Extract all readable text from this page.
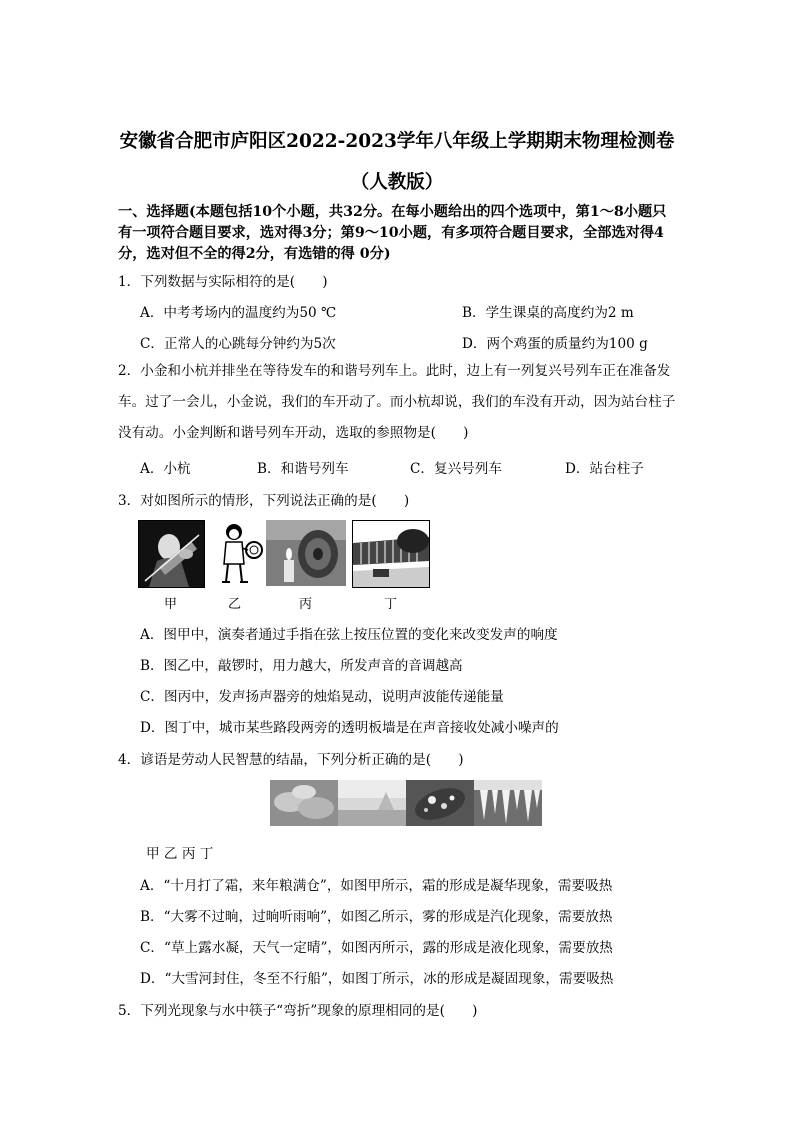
安徽省合肥市庐阳区2022-2023学年八年级上学期期末物理检测卷
（人教版）
一、选择题(本题包括10个小题，共32分。在每小题给出的四个选项中，第1～8小题只有一项符合题目要求，选对得3分；第9～10小题，有多项符合题目要求，全部选对得4分，选对但不全的得2分，有选错的得 0分)
1．下列数据与实际相符的是(　　)
A．中考考场内的温度约为50 ℃	B．学生课桌的高度约为2 m
C．正常人的心跳每分钟约为5次	D．两个鸡蛋的质量约为100 g
2．小金和小杭并排坐在等待发车的和谐号列车上。此时，边上有一列复兴号列车正在准备发车。过了一会儿，小金说，我们的车开动了。而小杭却说，我们的车没有开动，因为站台柱子没有动。小金判断和谐号列车开动，选取的参照物是(　　)
A．小杭	B．和谐号列车	C．复兴号列车	D．站台柱子
3．对如图所示的情形，下列说法正确的是(　　)
甲	乙	丙	丁
A．图甲中，演奏者通过手指在弦上按压位置的变化来改变发声的响度
B．图乙中，敲锣时，用力越大，所发声音的音调越高
C．图丙中，发声扬声器旁的烛焰晃动，说明声波能传递能量
D．图丁中，城市某些路段两旁的透明板墙是在声音接收处减小噪声的
4．谚语是劳动人民智慧的结晶，下列分析正确的是(　　)
甲 乙 丙 丁
A．“十月打了霜，来年粮满仓”，如图甲所示，霜的形成是凝华现象，需要吸热
B．“大雾不过晌，过晌听雨响”，如图乙所示，雾的形成是汽化现象，需要放热
C．“草上露水凝，天气一定晴”，如图丙所示，露的形成是液化现象，需要放热
D．“大雪河封住，冬至不行船”，如图丁所示，冰的形成是凝固现象，需要吸热
5．下列光现象与水中筷子“弯折”现象的原理相同的是(　　)
